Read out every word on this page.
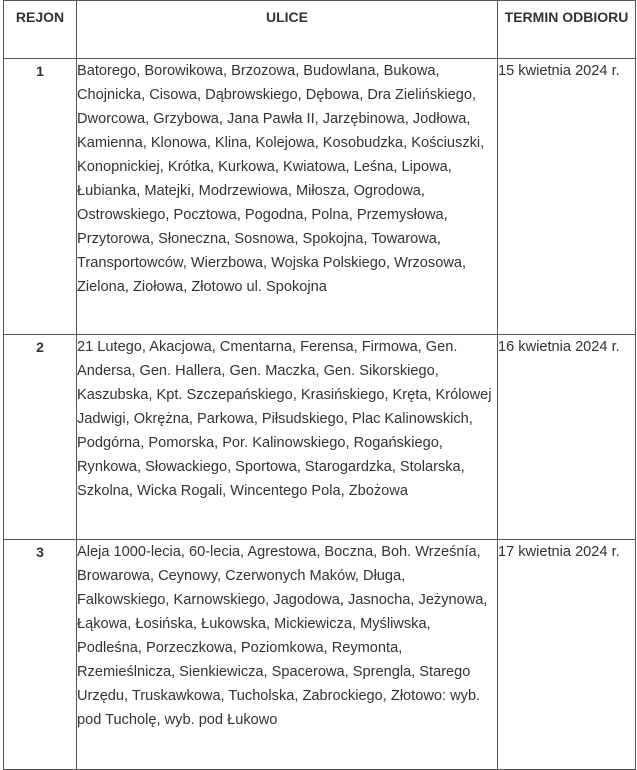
REJON	ULICE	TERMIN ODBIORU
1	Batorego, Borowikowa, Brzozowa, Budowlana, Bukowa, Chojnicka, Cisowa, Dąbrowskiego, Dębowa, Dra Zielińskiego, Dworcowa, Grzybowa, Jana Pawła II, Jarzębinowa, Jodłowa, Kamienna, Klonowa, Klina, Kolejowa, Kosobudzka, Kościuszki, Konopnickiej, Krótka, Kurkowa, Kwiatowa, Leśna, Lipowa, Łubianka, Matejki, Modrzewiowa, Miłosza, Ogrodowa, Ostrowskiego, Pocztowa, Pogodna, Polna, Przemysłowa, Przytorowa, Słoneczna, Sosnowa, Spokojna, Towarowa, Transportowców, Wierzbowa, Wojska Polskiego, Wrzosowa, Zielona, Ziołowa, Złotowo ul. Spokojna	15 kwietnia 2024 r.
2	21 Lutego, Akacjowa, Cmentarna, Ferensa, Firmowa, Gen. Andersa, Gen. Hallera, Gen. Maczka, Gen. Sikorskiego, Kaszubska, Kpt. Szczepańskiego, Krasińskiego, Kręta, Królowej Jadwigi, Okrężna, Parkowa, Piłsudskiego, Plac Kalinowskich, Podgórna, Pomorska, Por. Kalinowskiego, Rogańskiego, Rynkowa, Słowackiego, Sportowa, Starogardzka, Stolarska, Szkolna, Wicka Rogali, Wincentego Pola, Zbożowa	16 kwietnia 2024 r.
3	Aleja 1000-lecia, 60-lecia, Agrestowa, Boczna, Boh. Wrześnía, Browarowa, Ceynowy, Czerwonych Maków, Długa, Falkowskiego, Karnowskiego, Jagodowa, Jasnocha, Jeżynowa, Łąkowa, Łosińska, Łukowska, Mickiewicza, Myśliwska, Podleśna, Porzeczkowa, Poziomkowa, Reymonta, Rzemieślnicza, Sienkiewicza, Spacerowa, Sprengla, Starego Urzędu, Truskawkowa, Tucholska, Zabrockiego, Złotowo: wyb. pod Tucholę, wyb. pod Łukowo	17 kwietnia 2024 r.
